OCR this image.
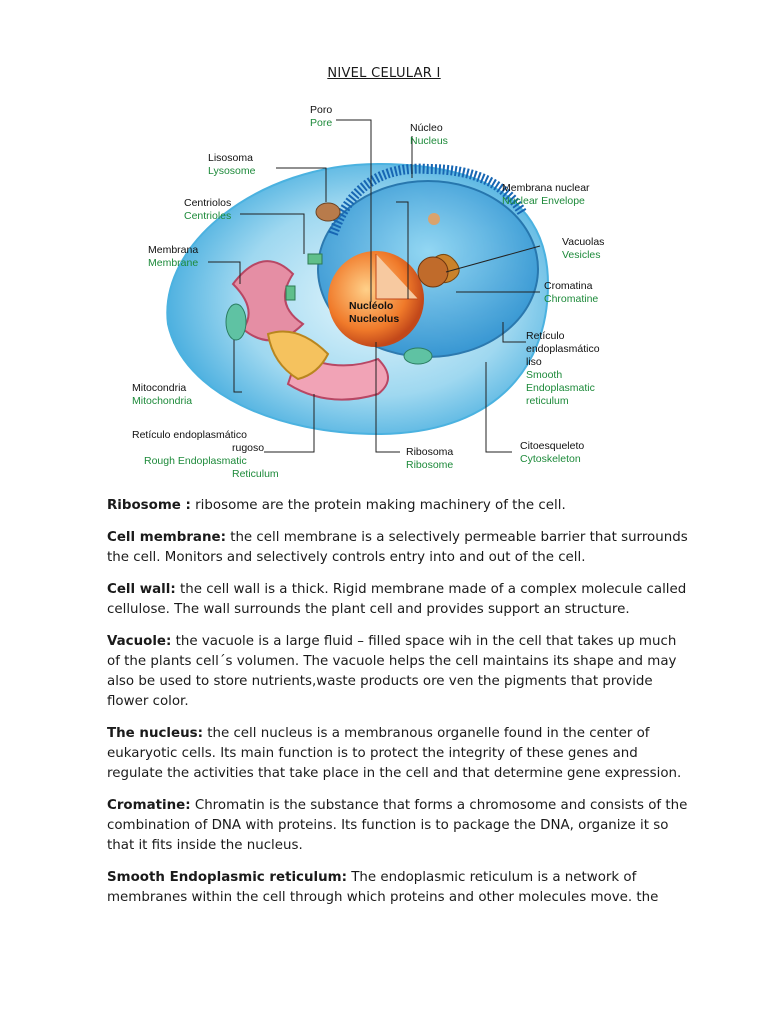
NIVEL CELULAR I
Poro
Pore	Núcleo
Nucleus
Lisosoma
Lysosome
Centriolos
Centrioles
Membrana nuclear
Nuclear Envelope
Membrana
Membrane
Vacuolas
Vesicles
Cromatina
Chromatine
Nucléolo
Nucleolus
Retículo
endoplasmático
liso
Smooth
Endoplasmatic
reticulum
Mitocondria
Mitochondria
Retículo endoplasmático
rugoso
Rough Endoplasmatic
Reticulum
Ribosoma
Ribosome
Citoesqueleto
Cytoskeleton

Ribosome : ribosome are the protein making machinery of the cell.

Cell membrane: the cell membrane is a selectively permeable barrier that surrounds the cell. Monitors and selectively controls entry into and out of the cell.

Cell wall: the cell wall is a thick. Rigid membrane made of a complex molecule called cellulose. The wall surrounds the plant cell and provides support an structure.

Vacuole: the vacuole is a large fluid – filled space wih in the cell that takes up much of the plants cell´s volumen. The vacuole helps the cell maintains its shape and may also be used to store nutrients,waste products ore ven the pigments that provide flower color.

The nucleus: the cell nucleus is a membranous organelle found in the center of eukaryotic cells. Its main function is to protect the integrity of these genes and regulate the activities that take place in the cell and that determine gene expression.

Cromatine: Chromatin is the substance that forms a chromosome and consists of the combination of DNA with proteins. Its function is to package the DNA, organize it so that it fits inside the nucleus.

Smooth Endoplasmic reticulum: The endoplasmic reticulum is a network of membranes within the cell through which proteins and other molecules move. the
